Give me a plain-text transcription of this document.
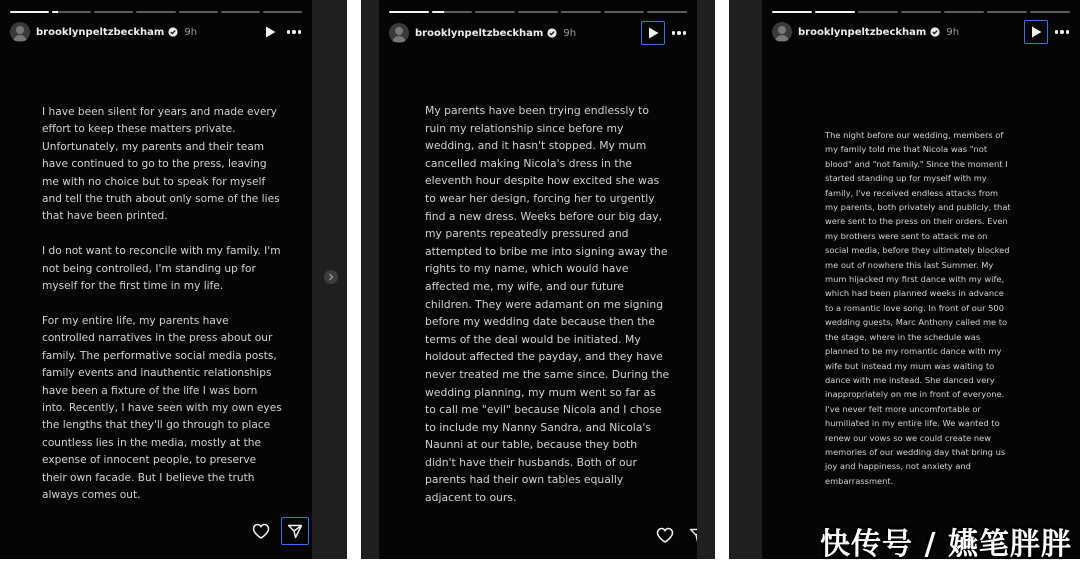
brooklynpeltzbeckham 9h
I have been silent for years and made every
effort to keep these matters private.
Unfortunately, my parents and their team
have continued to go to the press, leaving
me with no choice but to speak for myself
and tell the truth about only some of the lies
that have been printed.

I do not want to reconcile with my family. I'm
not being controlled, I'm standing up for
myself for the first time in my life.

For my entire life, my parents have
controlled narratives in the press about our
family. The performative social media posts,
family events and inauthentic relationships
have been a fixture of the life I was born
into. Recently, I have seen with my own eyes
the lengths that they'll go through to place
countless lies in the media, mostly at the
expense of innocent people, to preserve
their own facade. But I believe the truth
always comes out.
brooklynpeltzbeckham 9h
My parents have been trying endlessly to
ruin my relationship since before my
wedding, and it hasn't stopped. My mum
cancelled making Nicola's dress in the
eleventh hour despite how excited she was
to wear her design, forcing her to urgently
find a new dress. Weeks before our big day,
my parents repeatedly pressured and
attempted to bribe me into signing away the
rights to my name, which would have
affected me, my wife, and our future
children. They were adamant on me signing
before my wedding date because then the
terms of the deal would be initiated. My
holdout affected the payday, and they have
never treated me the same since. During the
wedding planning, my mum went so far as
to call me "evil" because Nicola and I chose
to include my Nanny Sandra, and Nicola's
Naunni at our table, because they both
didn't have their husbands. Both of our
parents had their own tables equally
adjacent to ours.
brooklynpeltzbeckham 9h
The night before our wedding, members of
my family told me that Nicola was "not
blood" and "not family." Since the moment I
started standing up for myself with my
family, I've received endless attacks from
my parents, both privately and publicly, that
were sent to the press on their orders. Even
my brothers were sent to attack me on
social media, before they ultimately blocked
me out of nowhere this last Summer. My
mum hijacked my first dance with my wife,
which had been planned weeks in advance
to a romantic love song. In front of our 500
wedding guests, Marc Anthony called me to
the stage, where in the schedule was
planned to be my romantic dance with my
wife but instead my mum was waiting to
dance with me instead. She danced very
inappropriately on me in front of everyone.
I've never felt more uncomfortable or
humiliated in my entire life. We wanted to
renew our vows so we could create new
memories of our wedding day that bring us
joy and happiness, not anxiety and
embarrassment.
快传号 / 嬿笔胖胖
